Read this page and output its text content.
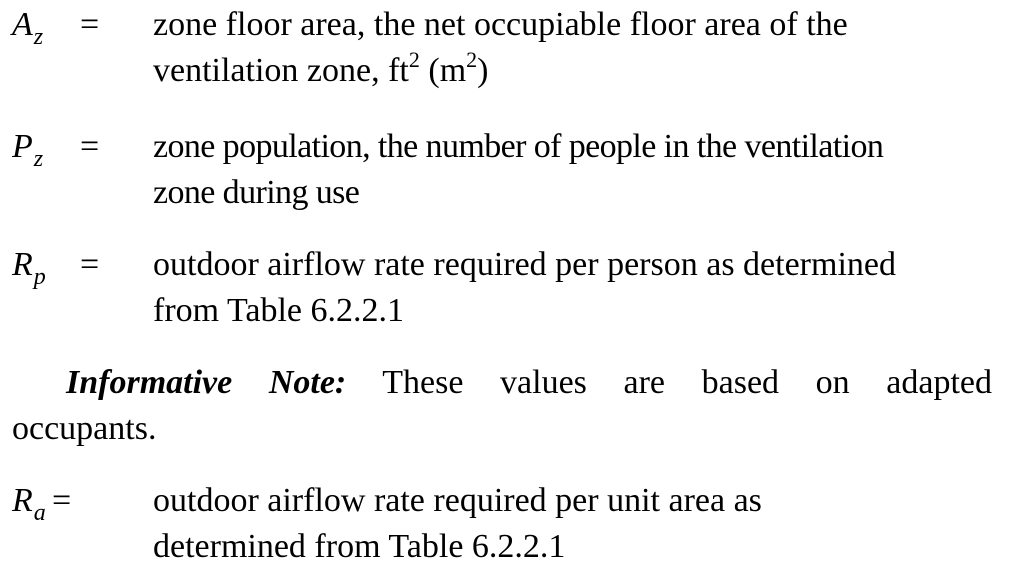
$A_z$ = zone floor area, the net occupiable floor area of the
ventilation zone, $ft^2$ $(m^2)$
$P_z$ = zone population, the number of people in the ventilation
zone during use
$R_p$ = outdoor airflow rate required per person as determined
from Table 6.2.2.1
Informative Note: These values are based on adapted
occupants.
$R_a$ = outdoor airflow rate required per unit area as
determined from Table 6.2.2.1
